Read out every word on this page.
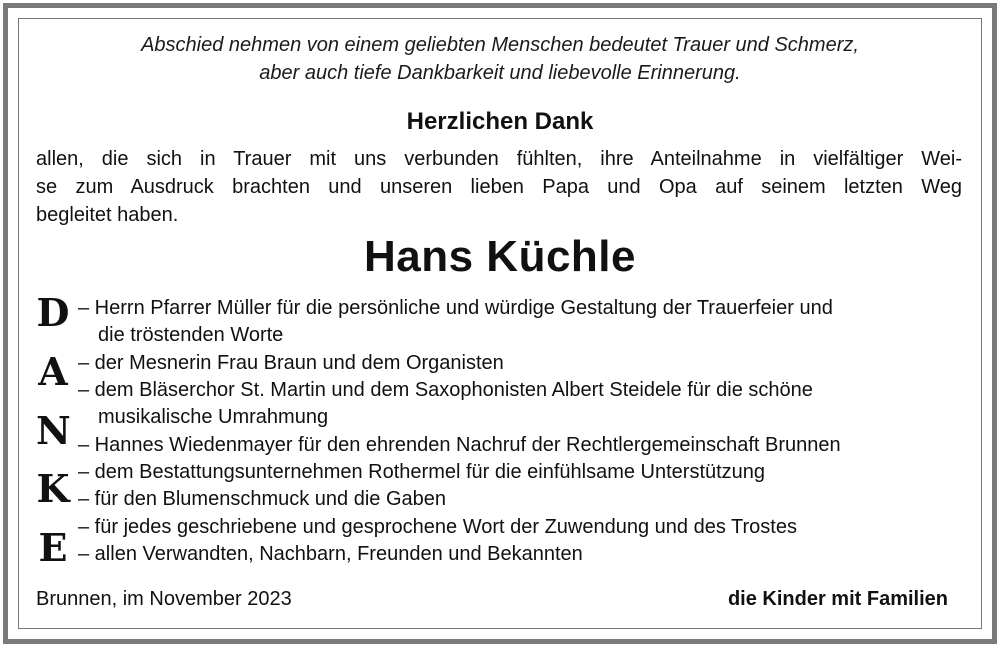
Abschied nehmen von einem geliebten Menschen bedeutet Trauer und Schmerz,
aber auch tiefe Dankbarkeit und liebevolle Erinnerung.
Herzlichen Dank
allen, die sich in Trauer mit uns verbunden fühlten, ihre Anteilnahme in vielfältiger Wei-
se zum Ausdruck brachten und unseren lieben Papa und Opa auf seinem letzten Weg
begleitet haben.
Hans Küchle
D
A
N
K
E
– Herrn Pfarrer Müller für die persönliche und würdige Gestaltung der Trauerfeier und
die tröstenden Worte
– der Mesnerin Frau Braun und dem Organisten
– dem Bläserchor St. Martin und dem Saxophonisten Albert Steidele für die schöne
musikalische Umrahmung
– Hannes Wiedenmayer für den ehrenden Nachruf der Rechtlergemeinschaft Brunnen
– dem Bestattungsunternehmen Rothermel für die einfühlsame Unterstützung
– für den Blumenschmuck und die Gaben
– für jedes geschriebene und gesprochene Wort der Zuwendung und des Trostes
– allen Verwandten, Nachbarn, Freunden und Bekannten
Brunnen, im November 2023	die Kinder mit Familien
